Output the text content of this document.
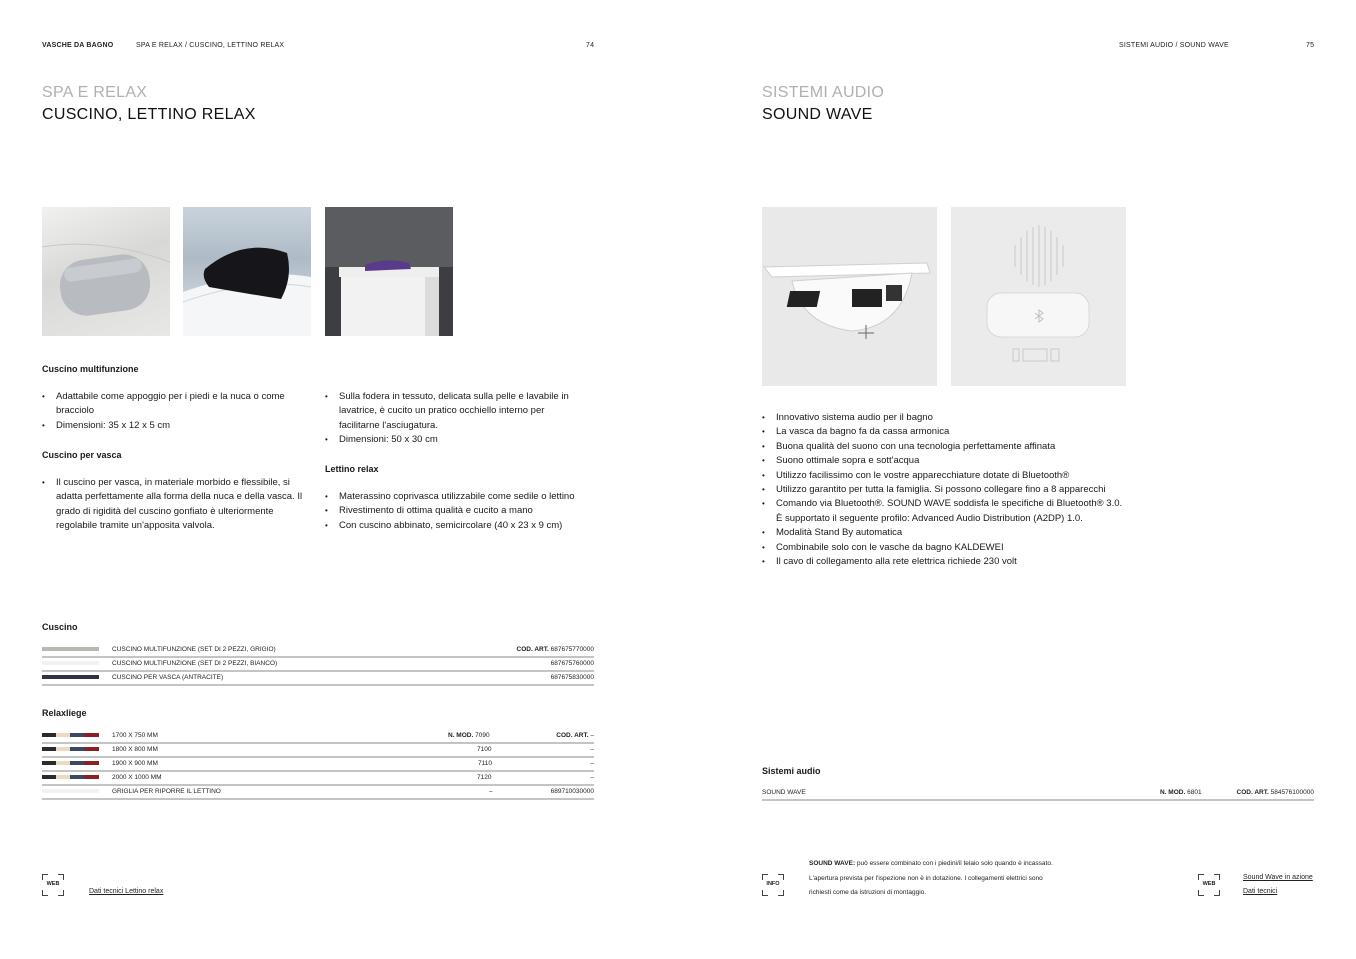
VASCHE DA BAGNO	SPA E RELAX / CUSCINO, LETTINO RELAX	74
SPA E RELAX
CUSCINO, LETTINO RELAX
Cuscino multifunzione
• Adattabile come appoggio per i piedi e la nuca o come bracciolo
• Dimensioni: 35 x 12 x 5 cm
Cuscino per vasca
• Il cuscino per vasca, in materiale morbido e flessibile, si adatta perfettamente alla forma della nuca e della vasca. Il grado di rigidità del cuscino gonfiato è ulteriormente regolabile tramite un'apposita valvola.
• Sulla fodera in tessuto, delicata sulla pelle e lavabile in lavatrice, è cucito un pratico occhiello interno per facilitarne l'asciugatura.
• Dimensioni: 50 x 30 cm
Lettino relax
• Materassino coprivasca utilizzabile come sedile o lettino
• Rivestimento di ottima qualità e cucito a mano
• Con cuscino abbinato, semicircolare (40 x 23 x 9 cm)
Cuscino
CUSCINO MULTIFUNZIONE (SET DI 2 PEZZI, GRIGIO)	COD. ART. 687675770000
CUSCINO MULTIFUNZIONE (SET DI 2 PEZZI, BIANCO)	687675760000
CUSCINO PER VASCA (ANTRACITE)	687675830000
Relaxliege
1700 X 750 MM	N. MOD. 7090	COD. ART. –
1800 X 800 MM	7100	–
1900 X 900 MM	7110	–
2000 X 1000 MM	7120	–
GRIGLIA PER RIPORRE IL LETTINO	–	689710030000
WEB
Dati tecnici Lettino relax
SISTEMI AUDIO / SOUND WAVE	75
SISTEMI AUDIO
SOUND WAVE
• Innovativo sistema audio per il bagno
• La vasca da bagno fa da cassa armonica
• Buona qualità del suono con una tecnologia perfettamente affinata
• Suono ottimale sopra e sott'acqua
• Utilizzo facilissimo con le vostre apparecchiature dotate di Bluetooth®
• Utilizzo garantito per tutta la famiglia. Si possono collegare fino a 8 apparecchi
• Comando via Bluetooth®. SOUND WAVE soddisfa le specifiche di Bluetooth® 3.0.
È supportato il seguente profilo: Advanced Audio Distribution (A2DP) 1.0.
• Modalità Stand By automatica
• Combinabile solo con le vasche da bagno KALDEWEI
• Il cavo di collegamento alla rete elettrica richiede 230 volt
Sistemi audio
SOUND WAVE	N. MOD. 6801	COD. ART. 584576100000
INFO
SOUND WAVE: può essere combinato con i piedini/il telaio solo quando è incassato.
L'apertura prevista per l'ispezione non è in dotazione. I collegamenti elettrici sono
richiesti come da istruzioni di montaggio.
WEB
Sound Wave in azione
Dati tecnici
